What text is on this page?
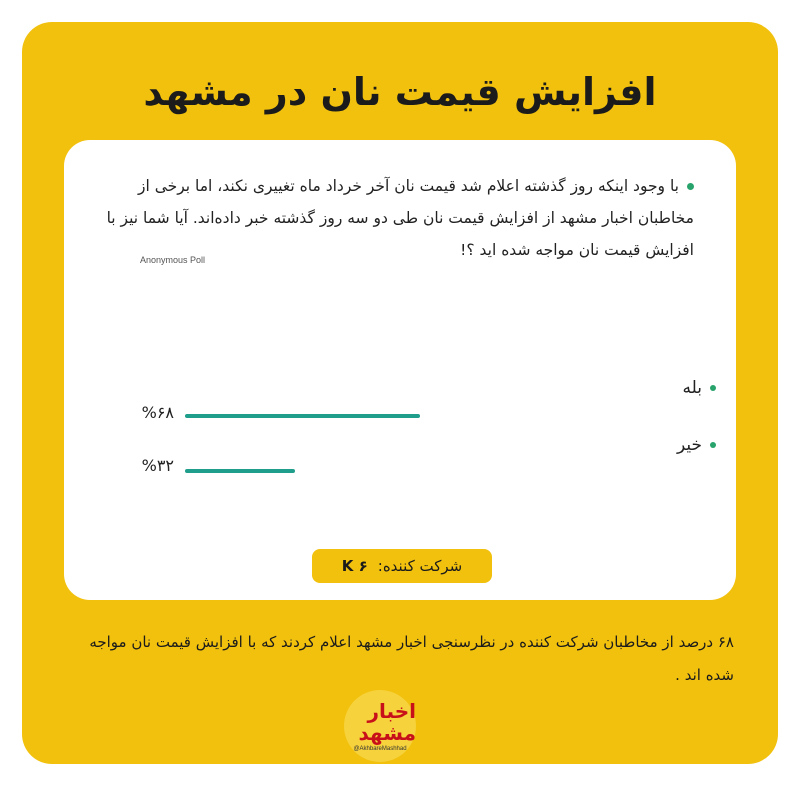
افزایش قیمت نان در مشهد
با وجود اینکه روز گذشته اعلام شد قیمت نان آخر خرداد ماه تغییری نکند، اما برخی از مخاطبان اخبار مشهد از افزایش قیمت نان طی دو سه روز گذشته خبر داده‌اند. آیا شما نیز با افزایش قیمت نان مواجه شده اید ؟!
Anonymous Poll
بله
%۶۸
خیر
%۳۲
شرکت کننده:۶ K
۶۸ درصد از مخاطبان شرکت کننده در نظرسنجی اخبار مشهد اعلام کردند که با افزایش قیمت نان مواجه شده اند .
اخبار مشهد
@AkhbareMashhad
